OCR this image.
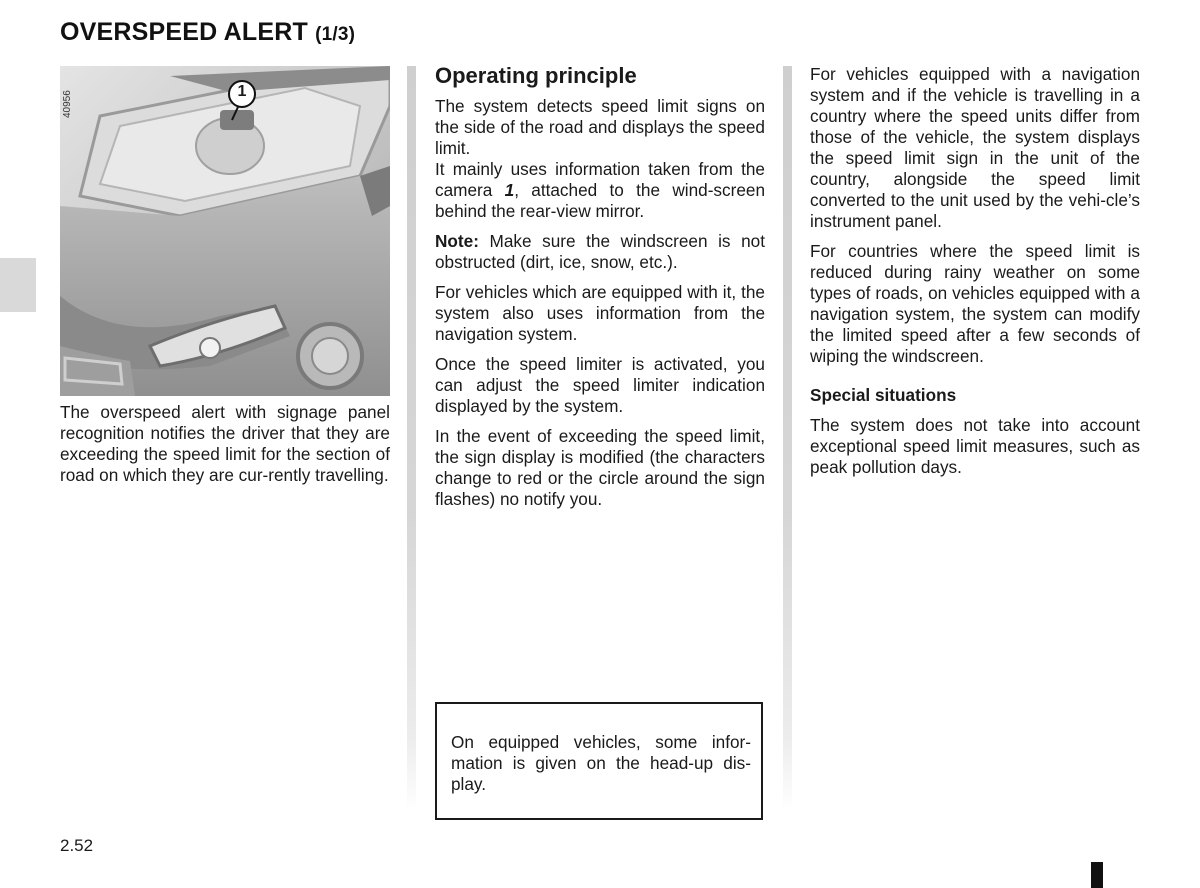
OVERSPEED ALERT (1/3)
1
40956

The overspeed alert with signage panel recognition notifies the driver that they are exceeding the speed limit for the section of road on which they are cur-rently travelling.

Operating principle

The system detects speed limit signs on the side of the road and displays the speed limit.

It mainly uses information taken from the camera 1, attached to the wind-screen behind the rear-view mirror.

Note: Make sure the windscreen is not obstructed (dirt, ice, snow, etc.).

For vehicles which are equipped with it, the system also uses information from the navigation system.

Once the speed limiter is activated, you can adjust the speed limiter indication displayed by the system.

In the event of exceeding the speed limit, the sign display is modified (the characters change to red or the circle around the sign flashes) no notify you.

On equipped vehicles, some infor-mation is given on the head-up dis-play.

For vehicles equipped with a navigation system and if the vehicle is travelling in a country where the speed units differ from those of the vehicle, the system displays the speed limit sign in the unit of the country, alongside the speed limit converted to the unit used by the vehi-cle’s instrument panel.

For countries where the speed limit is reduced during rainy weather on some types of roads, on vehicles equipped with a navigation system, the system can modify the limited speed after a few seconds of wiping the windscreen.

Special situations

The system does not take into account exceptional speed limit measures, such as peak pollution days.

2.52
